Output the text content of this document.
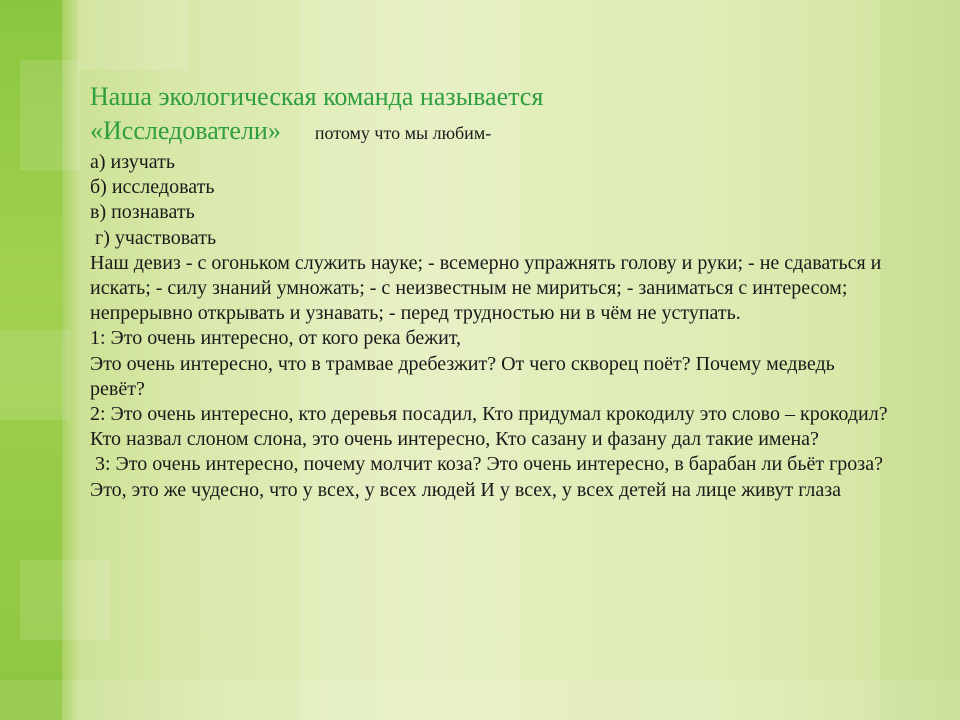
Наша экологическая команда называется
«Исследователи» потому что мы любим-
а) изучать
б) исследовать
в) познавать
г) участвовать
Наш девиз - с огоньком служить науке; - всемерно упражнять голову и руки; - не сдаваться и искать; - силу знаний умножать; - с неизвестным не мириться; - заниматься с интересом; непрерывно открывать и узнавать; - перед трудностью ни в чём не уступать.
1: Это очень интересно, от кого река бежит,
Это очень интересно, что в трамвае дребезжит? От чего скворец поёт? Почему медведь ревёт?
2: Это очень интересно, кто деревья посадил, Кто придумал крокодилу это слово – крокодил? Кто назвал слоном слона, это очень интересно, Кто сазану и фазану дал такие имена?
3: Это очень интересно, почему молчит коза? Это очень интересно, в барабан ли бьёт гроза? Это, это же чудесно, что у всех, у всех людей И у всех, у всех детей на лице живут глаза
